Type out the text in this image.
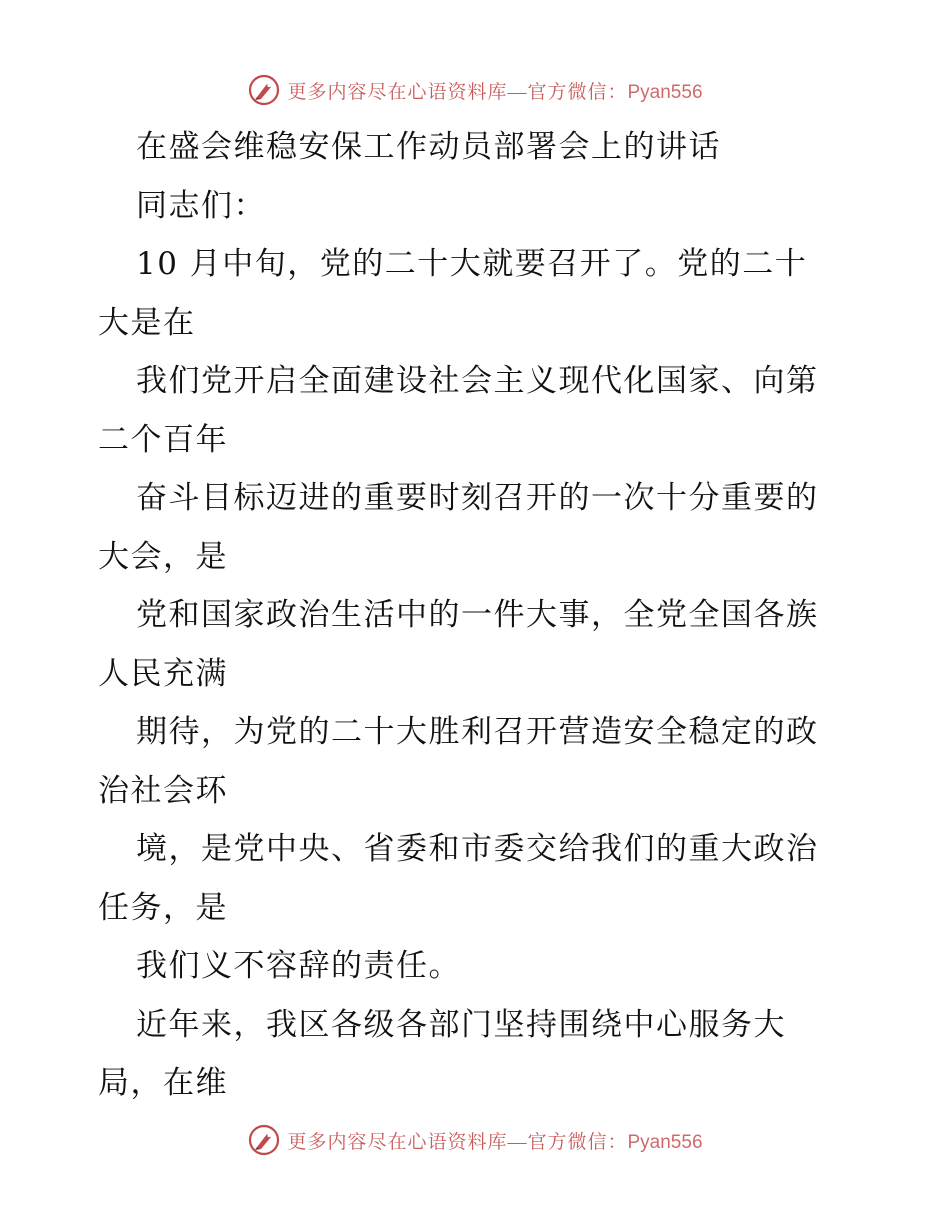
更多内容尽在心语资料库—官方微信：Pyan556
在盛会维稳安保工作动员部署会上的讲话
同志们：
10 月中旬，党的二十大就要召开了。党的二十
大是在
我们党开启全面建设社会主义现代化国家、向第
二个百年
奋斗目标迈进的重要时刻召开的一次十分重要的
大会，是
党和国家政治生活中的一件大事，全党全国各族
人民充满
期待，为党的二十大胜利召开营造安全稳定的政
治社会环
境，是党中央、省委和市委交给我们的重大政治
任务，是
我们义不容辞的责任。
近年来，我区各级各部门坚持围绕中心服务大
局，在维
更多内容尽在心语资料库—官方微信：Pyan556
